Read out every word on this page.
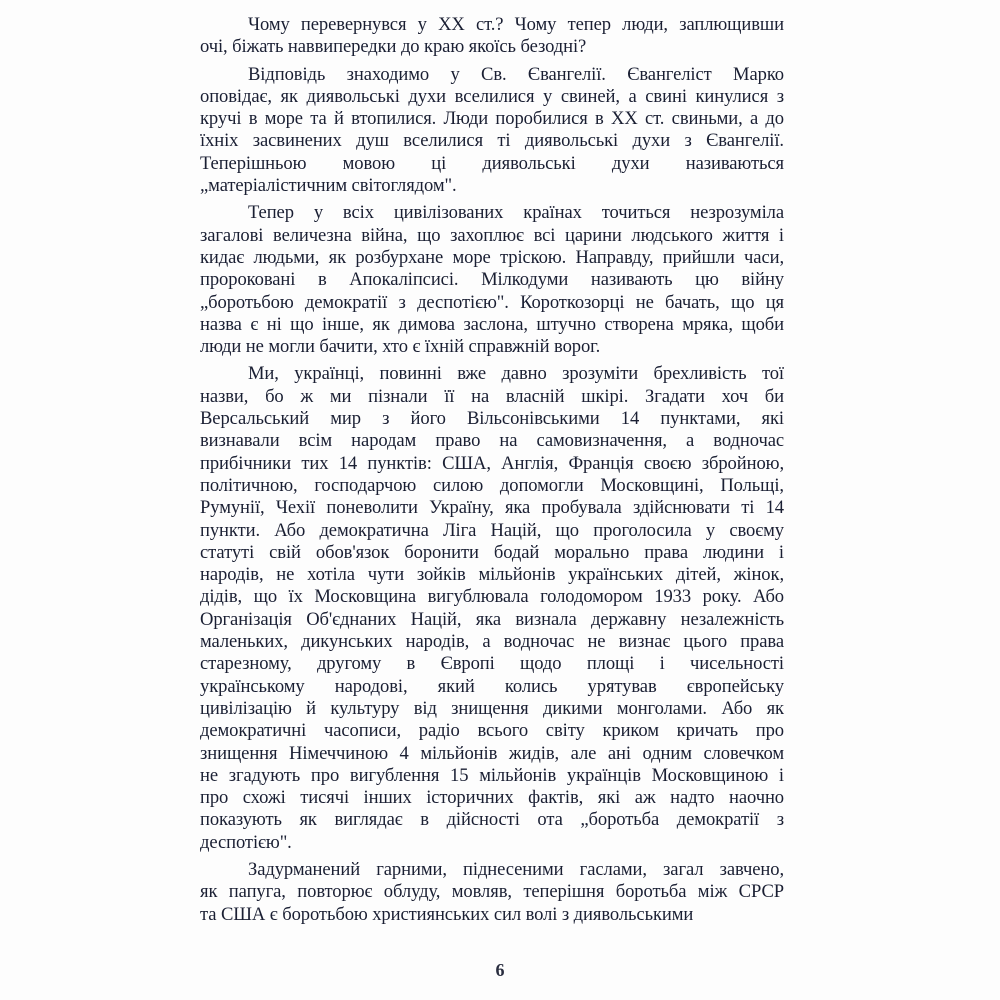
Чому перевернувся у ХХ ст.? Чому тепер люди, заплющивши
очі, біжать наввипередки до краю якоїсь безодні?
Відповідь знаходимо у Св. Євангелії. Євангеліст Марко
оповідає, як диявольські духи вселилися у свиней, а свині кинулися з
кручі в море та й втопилися. Люди поробилися в ХХ ст. свиньми, а до
їхніх засвинених душ вселилися ті диявольські духи з Євангелії.
Теперішньою мовою ці диявольські духи називаються
„матеріалістичним світоглядом".
Тепер у всіх цивілізованих країнах точиться незрозуміла
загалові величезна війна, що захоплює всі царини людського життя і
кидає людьми, як розбурхане море тріскою. Направду, прийшли часи,
пророковані в Апокаліпсисі. Мілкодуми називають цю війну
„боротьбою демократії з деспотією". Короткозорці не бачать, що ця
назва є ні що інше, як димова заслона, штучно створена мряка, щоби
люди не могли бачити, хто є їхній справжній ворог.
Ми, українці, повинні вже давно зрозуміти брехливість тої
назви, бо ж ми пізнали її на власній шкірі. Згадати хоч би
Версальський мир з його Вільсонівськими 14 пунктами, які
визнавали всім народам право на самовизначення, а водночас
прибічники тих 14 пунктів: США, Англія, Франція своєю збройною,
політичною, господарчою силою допомогли Московщині, Польщі,
Румунії, Чехії поневолити Україну, яка пробувала здійснювати ті 14
пункти. Або демократична Ліга Націй, що проголосила у своєму
статуті свій обов'язок боронити бодай морально права людини і
народів, не хотіла чути зойків мільйонів українських дітей, жінок,
дідів, що їх Московщина вигублювала голодомором 1933 року. Або
Організація Об'єднаних Націй, яка визнала державну незалежність
маленьких, дикунських народів, а водночас не визнає цього права
старезному, другому в Європі щодо площі і чисельності
українському народові, який колись урятував європейську
цивілізацію й культуру від знищення дикими монголами. Або як
демократичні часописи, радіо всього світу криком кричать про
знищення Німеччиною 4 мільйонів жидів, але ані одним словечком
не згадують про вигублення 15 мільйонів українців Московщиною і
про схожі тисячі інших історичних фактів, які аж надто наочно
показують як виглядає в дійсності ота „боротьба демократії з
деспотією".
Задурманений гарними, піднесеними гаслами, загал завчено,
як папуга, повторює облуду, мовляв, теперішня боротьба між СРСР
та США є боротьбою християнських сил волі з диявольськими
6
